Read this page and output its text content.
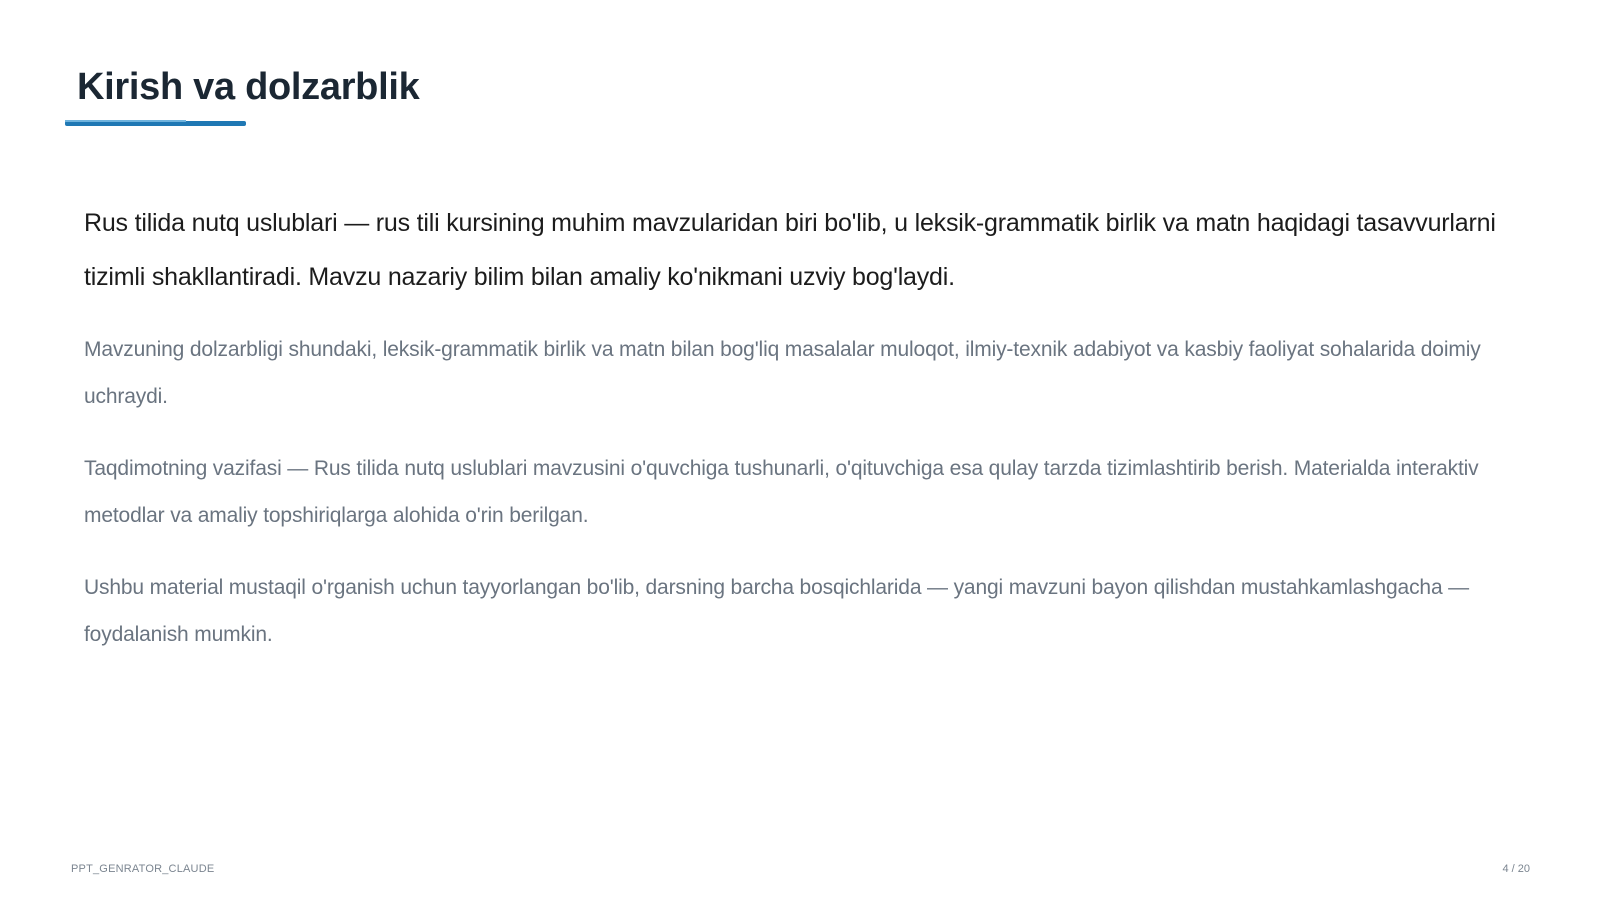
Kirish va dolzarblik

Rus tilida nutq uslublari — rus tili kursining muhim mavzularidan biri bo'lib, u leksik-grammatik birlik va matn haqidagi tasavvurlarni tizimli shakllantiradi. Mavzu nazariy bilim bilan amaliy ko'nikmani uzviy bog'laydi.

Mavzuning dolzarbligi shundaki, leksik-grammatik birlik va matn bilan bog'liq masalalar muloqot, ilmiy-texnik adabiyot va kasbiy faoliyat sohalarida doimiy uchraydi.

Taqdimotning vazifasi — Rus tilida nutq uslublari mavzusini o'quvchiga tushunarli, o'qituvchiga esa qulay tarzda tizimlashtirib berish. Materialda interaktiv metodlar va amaliy topshiriqlarga alohida o'rin berilgan.

Ushbu material mustaqil o'rganish uchun tayyorlangan bo'lib, darsning barcha bosqichlarida — yangi mavzuni bayon qilishdan mustahkamlashgacha — foydalanish mumkin.

PPT_GENRATOR_CLAUDE	4 / 20
